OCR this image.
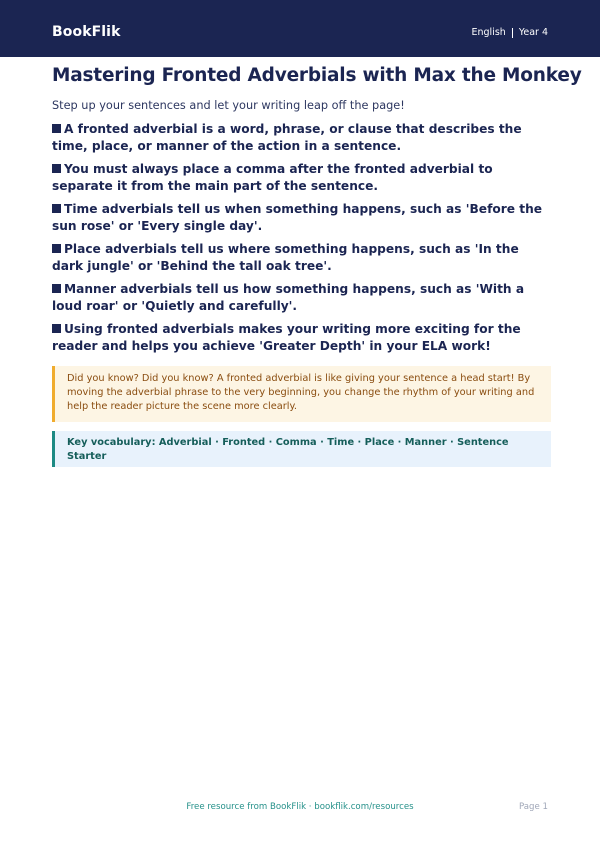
BookFlik	English Year 4
Mastering Fronted Adverbials with Max the Monkey

Step up your sentences and let your writing leap off the page!

A fronted adverbial is a word, phrase, or clause that describes the time, place, or manner of the action in a sentence.
You must always place a comma after the fronted adverbial to separate it from the main part of the sentence.
Time adverbials tell us when something happens, such as 'Before the sun rose' or 'Every single day'.
Place adverbials tell us where something happens, such as 'In the dark jungle' or 'Behind the tall oak tree'.
Manner adverbials tell us how something happens, such as 'With a loud roar' or 'Quietly and carefully'.
Using fronted adverbials makes your writing more exciting for the reader and helps you achieve 'Greater Depth' in your ELA work!

Did you know? Did you know? A fronted adverbial is like giving your sentence a head start! By moving the adverbial phrase to the very beginning, you change the rhythm of your writing and help the reader picture the scene more clearly.

Key vocabulary: Adverbial · Fronted · Comma · Time · Place · Manner · Sentence Starter

Free resource from BookFlik · bookflik.com/resources	Page 1
